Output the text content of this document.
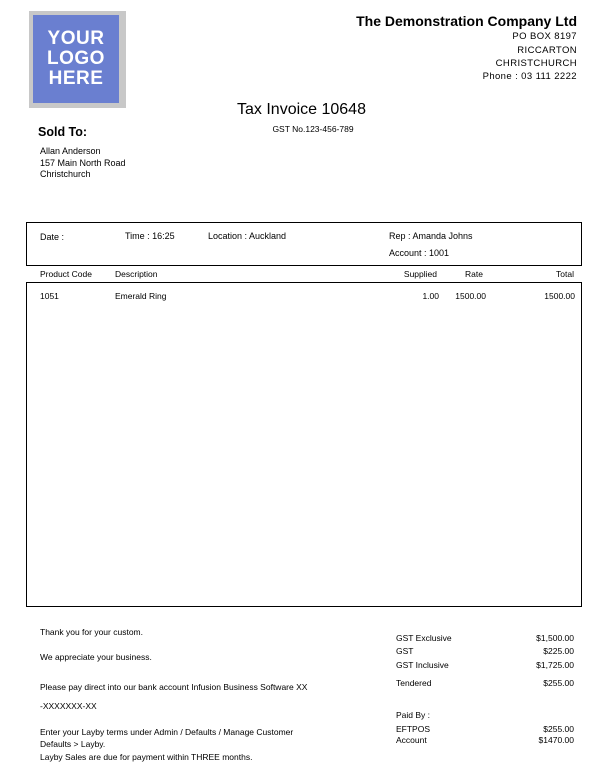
YOUR
LOGO
HERE
The Demonstration Company Ltd
PO BOX 8197
RICCARTON
CHRISTCHURCH
Phone : 03 111 2222
Tax Invoice 10648
GST No.123-456-789
Sold To:
Allan Anderson
157 Main North Road
Christchurch
Date :	Time : 16:25	Location : Auckland	Rep : Amanda Johns
Account : 1001
Product Code	Description	Supplied	Rate	Total
1051	Emerald Ring	1.00 1500.00	1500.00
Thank you for your custom.
We appreciate your business.
Please pay direct into our bank account Infusion Business Software XX
-XXXXXXX-XX
Enter your Layby terms under Admin / Defaults / Manage Customer
Defaults > Layby.
Layby Sales are due for payment within THREE months.
GST Exclusive	$1,500.00
GST	$225.00
GST Inclusive	$1,725.00
Tendered	$255.00
Paid By :
EFTPOS	$255.00
Account	$1470.00
